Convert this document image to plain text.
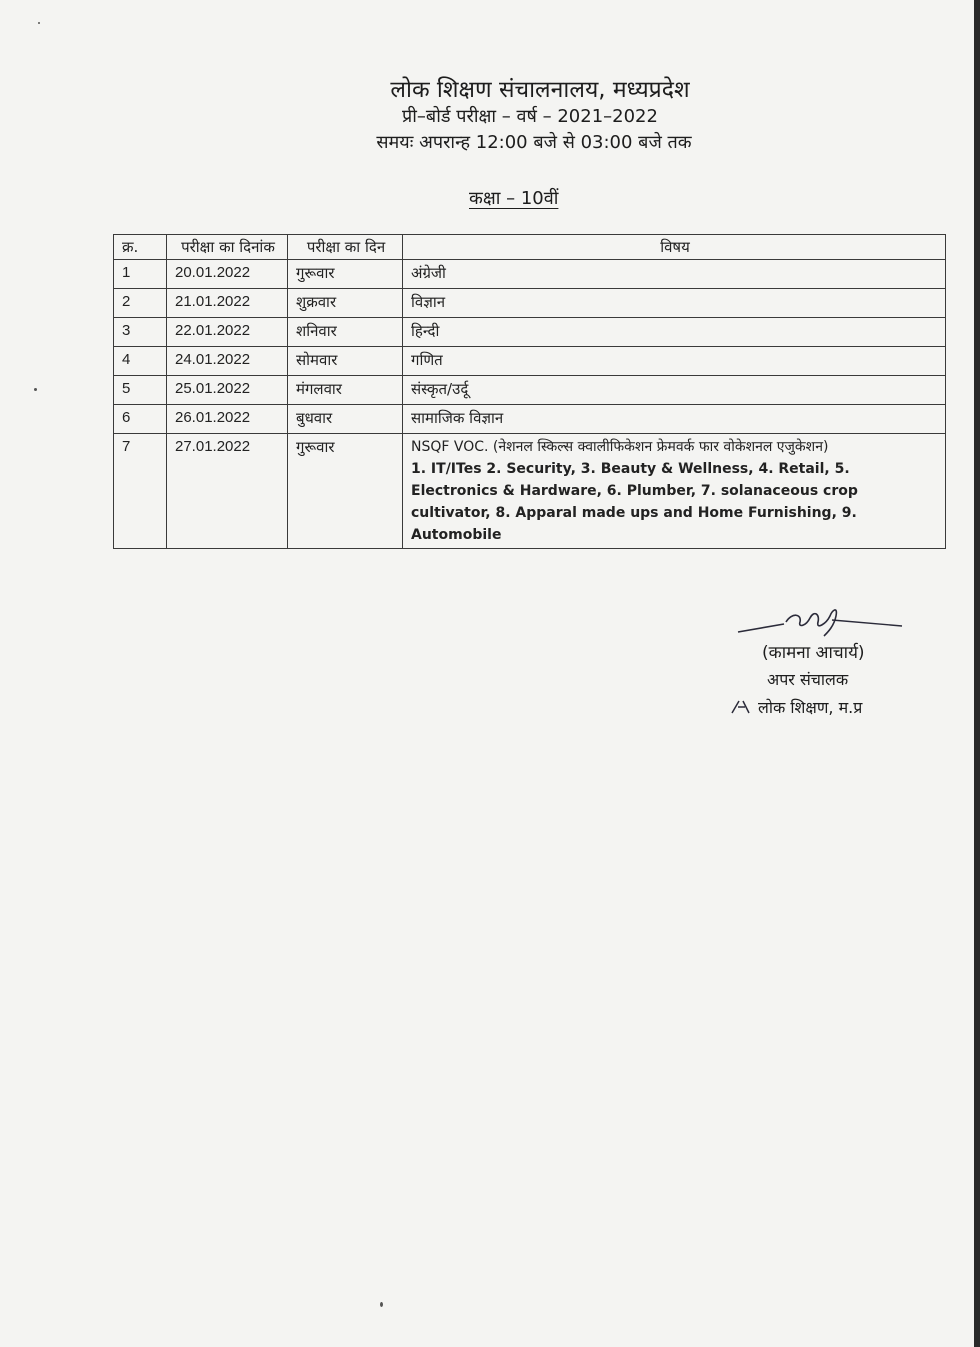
लोक शिक्षण संचालनालय, मध्यप्रदेश
प्री–बोर्ड परीक्षा – वर्ष – 2021–2022
समयः अपरान्ह 12:00 बजे से 03:00 बजे तक
कक्षा – 10वीं
क्र.	परीक्षा का दिनांक	परीक्षा का दिन	विषय
1	20.01.2022	गुरूवार	अंग्रेजी
2	21.01.2022	शुक्रवार	विज्ञान
3	22.01.2022	शनिवार	हिन्दी
4	24.01.2022	सोमवार	गणित
5	25.01.2022	मंगलवार	संस्कृत/उर्दू
6	26.01.2022	बुधवार	सामाजिक विज्ञान
7	27.01.2022	गुरूवार	NSQF VOC. (नेशनल स्किल्स क्वालीफिकेशन फ्रेमवर्क फार वोकेशनल एजुकेशन)
1. IT/ITes 2. Security, 3. Beauty & Wellness, 4. Retail, 5. Electronics & Hardware, 6. Plumber, 7. solanaceous crop cultivator, 8. Apparal made ups and Home Furnishing, 9. Automobile
(कामना आचार्य)
अपर संचालक
लोक शिक्षण, म.प्र
